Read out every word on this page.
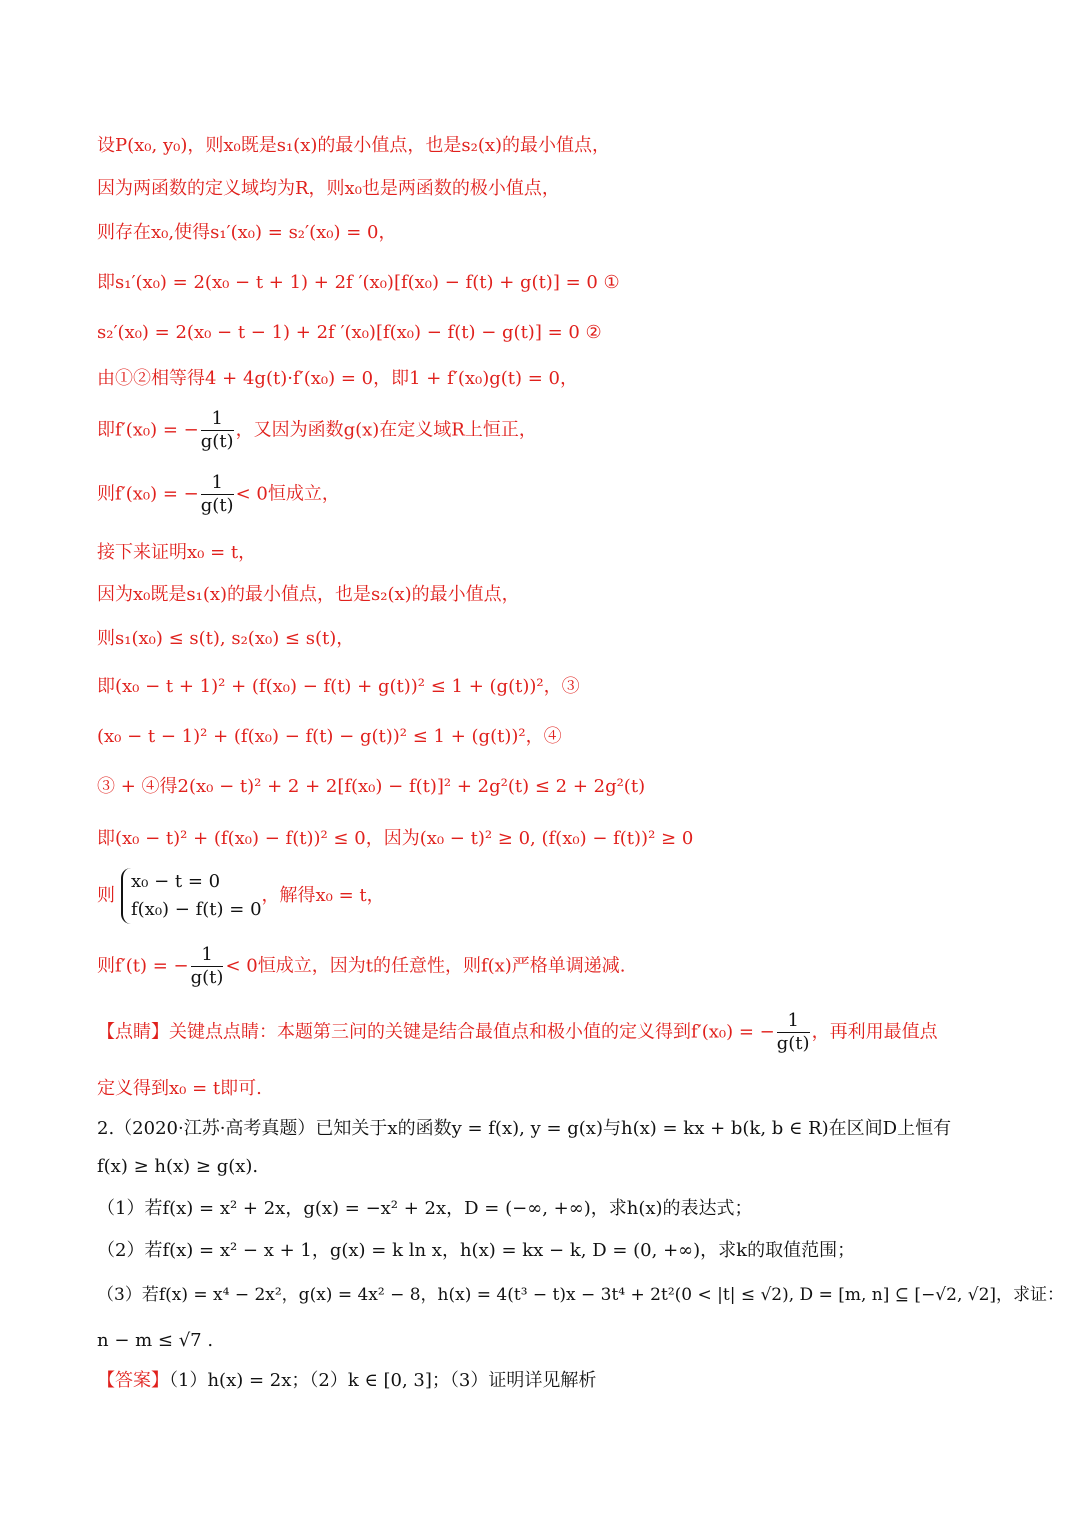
设P(x₀, y₀)，则x₀既是s₁(x)的最小值点，也是s₂(x)的最小值点，
因为两函数的定义域均为R，则x₀也是两函数的极小值点，
则存在x₀,使得s₁′(x₀) = s₂′(x₀) = 0，
即s₁′(x₀) = 2(x₀ − t + 1) + 2f ′(x₀)[f(x₀) − f(t) + g(t)] = 0 ①
s₂′(x₀) = 2(x₀ − t − 1) + 2f ′(x₀)[f(x₀) − f(t) − g(t)] = 0 ②
由①②相等得4 + 4g(t)·f′(x₀) = 0，即1 + f′(x₀)g(t) = 0，
即f′(x₀) = − $\frac{1}{g(t)}$ ，又因为函数g(x)在定义域R上恒正，
则f′(x₀) = − $\frac{1}{g(t)} < 0$恒成立，
接下来证明x₀ = t，
因为x₀既是s₁(x)的最小值点，也是s₂(x)的最小值点，
则s₁(x₀) ≤ s(t), s₂(x₀) ≤ s(t)，
即(x₀ − t + 1)² + (f(x₀) − f(t) + g(t))² ≤ 1 + (g(t))²，③
(x₀ − t − 1)² + (f(x₀) − f(t) − g(t))² ≤ 1 + (g(t))²，④
③ + ④得2(x₀ − t)² + 2 + 2[f(x₀) − f(t)]² + 2g²(t) ≤ 2 + 2g²(t)
即(x₀ − t)² + (f(x₀) − f(t))² ≤ 0，因为(x₀ − t)² ≥ 0, (f(x₀) − f(t))² ≥ 0
则
x₀ − t = 0
f(x₀) − f(t) = 0
，解得x₀ = t，
则f′(t) = − $\frac{1}{g(t)} < 0$恒成立，因为t的任意性，则f(x)严格单调递减.
【点睛】关键点点睛：本题第三问的关键是结合最值点和极小值的定义得到f′(x₀) = − $\frac{1}{g(t)}$ ，再利用最值点
定义得到x₀ = t即可.
2.（2020·江苏·高考真题）已知关于x的函数y = f(x), y = g(x)与h(x) = kx + b(k, b ∈ R)在区间D上恒有
f(x) ≥ h(x) ≥ g(x).
（1）若f(x) = x² + 2x，g(x) = −x² + 2x，D = (−∞, +∞)，求h(x)的表达式；
（2）若f(x) = x² − x + 1，g(x) = k ln x，h(x) = kx − k, D = (0, +∞)，求k的取值范围；
（3）若f(x) = x⁴ − 2x²，g(x) = 4x² − 8，h(x) = 4(t³ − t)x − 3t⁴ + 2t²(0 < |t| ≤ √2), D = [m, n] ⊆ [−√2, √2]，求证：
n − m ≤ √7 .
【答案】（1）h(x) = 2x；（2）k ∈ [0, 3]；（3）证明详见解析
